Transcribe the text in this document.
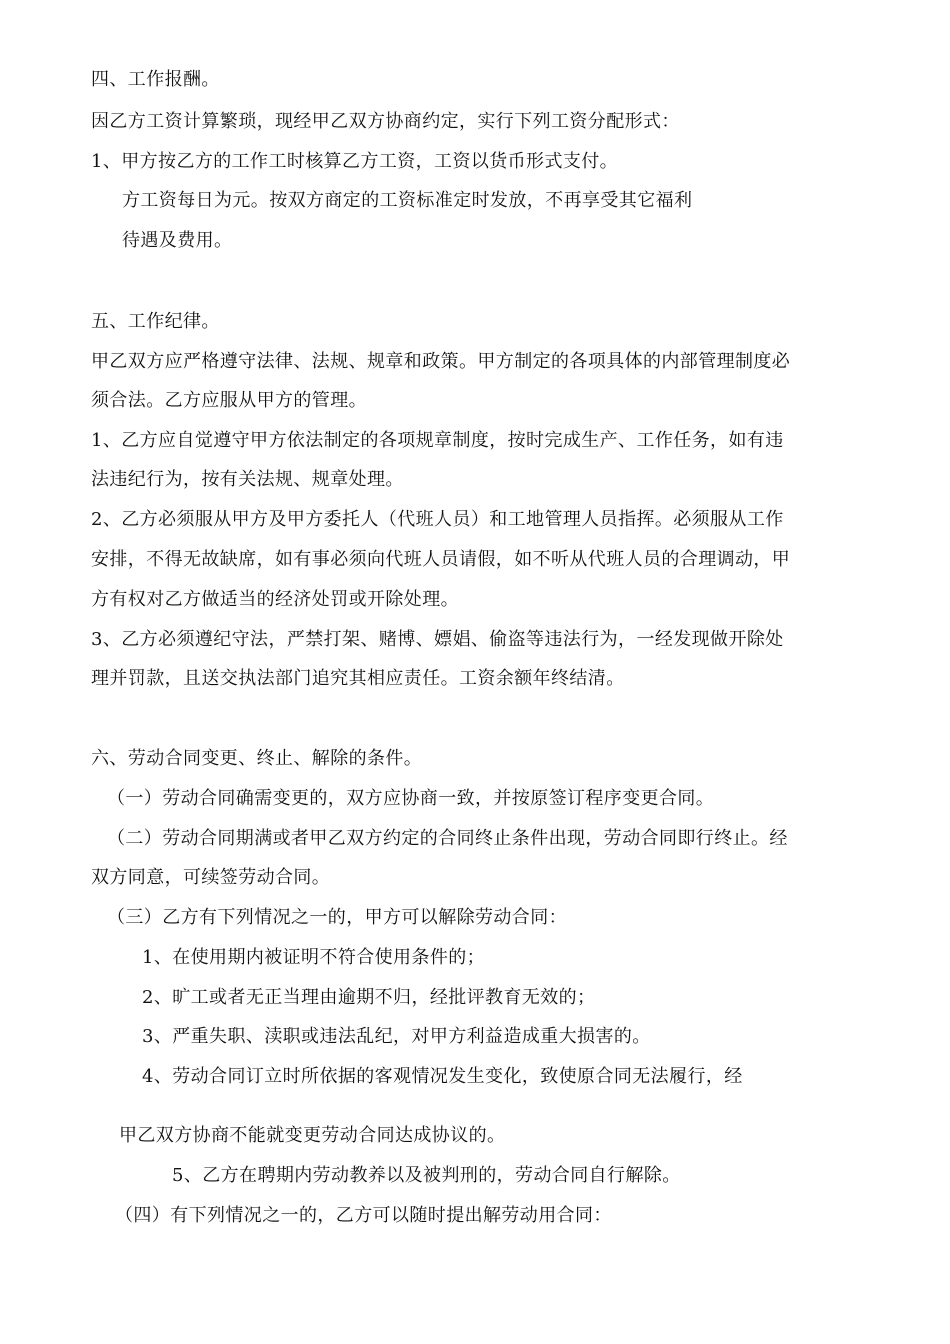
四、工作报酬。
因乙方工资计算繁琐，现经甲乙双方协商约定，实行下列工资分配形式：
1、甲方按乙方的工作工时核算乙方工资，工资以货币形式支付。
方工资每日为元。按双方商定的工资标准定时发放，不再享受其它福利
待遇及费用。
五、工作纪律。
甲乙双方应严格遵守法律、法规、规章和政策。甲方制定的各项具体的内部管理制度必
须合法。乙方应服从甲方的管理。
1、乙方应自觉遵守甲方依法制定的各项规章制度，按时完成生产、工作任务，如有违
法违纪行为，按有关法规、规章处理。
2、乙方必须服从甲方及甲方委托人（代班人员）和工地管理人员指挥。必须服从工作
安排，不得无故缺席，如有事必须向代班人员请假，如不听从代班人员的合理调动，甲
方有权对乙方做适当的经济处罚或开除处理。
3、乙方必须遵纪守法，严禁打架、赌博、嫖娼、偷盗等违法行为，一经发现做开除处
理并罚款，且送交执法部门追究其相应责任。工资余额年终结清。
六、劳动合同变更、终止、解除的条件。
（一）劳动合同确需变更的，双方应协商一致，并按原签订程序变更合同。
（二）劳动合同期满或者甲乙双方约定的合同终止条件出现，劳动合同即行终止。经
双方同意，可续签劳动合同。
（三）乙方有下列情况之一的，甲方可以解除劳动合同：
1、在使用期内被证明不符合使用条件的；
2、旷工或者无正当理由逾期不归，经批评教育无效的；
3、严重失职、渎职或违法乱纪，对甲方利益造成重大损害的。
4、劳动合同订立时所依据的客观情况发生变化，致使原合同无法履行，经
甲乙双方协商不能就变更劳动合同达成协议的。
5、乙方在聘期内劳动教养以及被判刑的，劳动合同自行解除。
（四）有下列情况之一的，乙方可以随时提出解劳动用合同：
